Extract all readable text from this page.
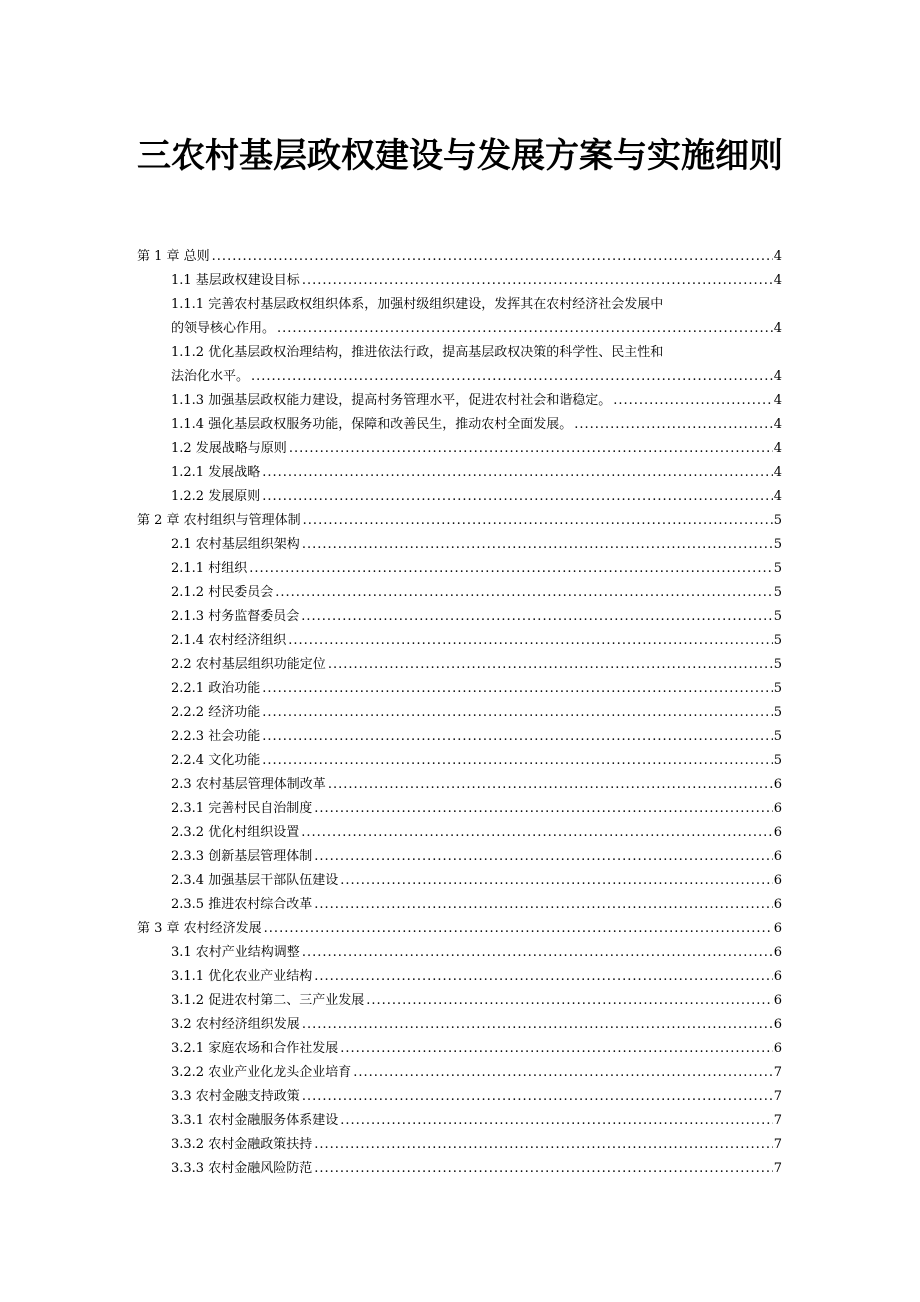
三农村基层政权建设与发展方案与实施细则
第 1 章 总则 .....	4
1.1 基层政权建设目标 .....	4
1.1.1 完善农村基层政权组织体系，加强村级组织建设，发挥其在农村经济社会发展中
的领导核心作用。 .....	4
1.1.2 优化基层政权治理结构，推进依法行政，提高基层政权决策的科学性、民主性和
法治化水平。 .....	4
1.1.3 加强基层政权能力建设，提高村务管理水平，促进农村社会和谐稳定。 .....	4
1.1.4 强化基层政权服务功能，保障和改善民生，推动农村全面发展。 .....	4
1.2 发展战略与原则 .....	4
1.2.1 发展战略 .....	4
1.2.2 发展原则 .....	4
第 2 章 农村组织与管理体制 .....	5
2.1 农村基层组织架构 .....	5
2.1.1 村组织 .....	5
2.1.2 村民委员会 .....	5
2.1.3 村务监督委员会 .....	5
2.1.4 农村经济组织 .....	5
2.2 农村基层组织功能定位 .....	5
2.2.1 政治功能 .....	5
2.2.2 经济功能 .....	5
2.2.3 社会功能 .....	5
2.2.4 文化功能 .....	5
2.3 农村基层管理体制改革 .....	6
2.3.1 完善村民自治制度 .....	6
2.3.2 优化村组织设置 .....	6
2.3.3 创新基层管理体制 .....	6
2.3.4 加强基层干部队伍建设 .....	6
2.3.5 推进农村综合改革 .....	6
第 3 章 农村经济发展 .....	6
3.1 农村产业结构调整 .....	6
3.1.1 优化农业产业结构 .....	6
3.1.2 促进农村第二、三产业发展 .....	6
3.2 农村经济组织发展 .....	6
3.2.1 家庭农场和合作社发展 .....	6
3.2.2 农业产业化龙头企业培育 .....	7
3.3 农村金融支持政策 .....	7
3.3.1 农村金融服务体系建设 .....	7
3.3.2 农村金融政策扶持 .....	7
3.3.3 农村金融风险防范 .....	7
